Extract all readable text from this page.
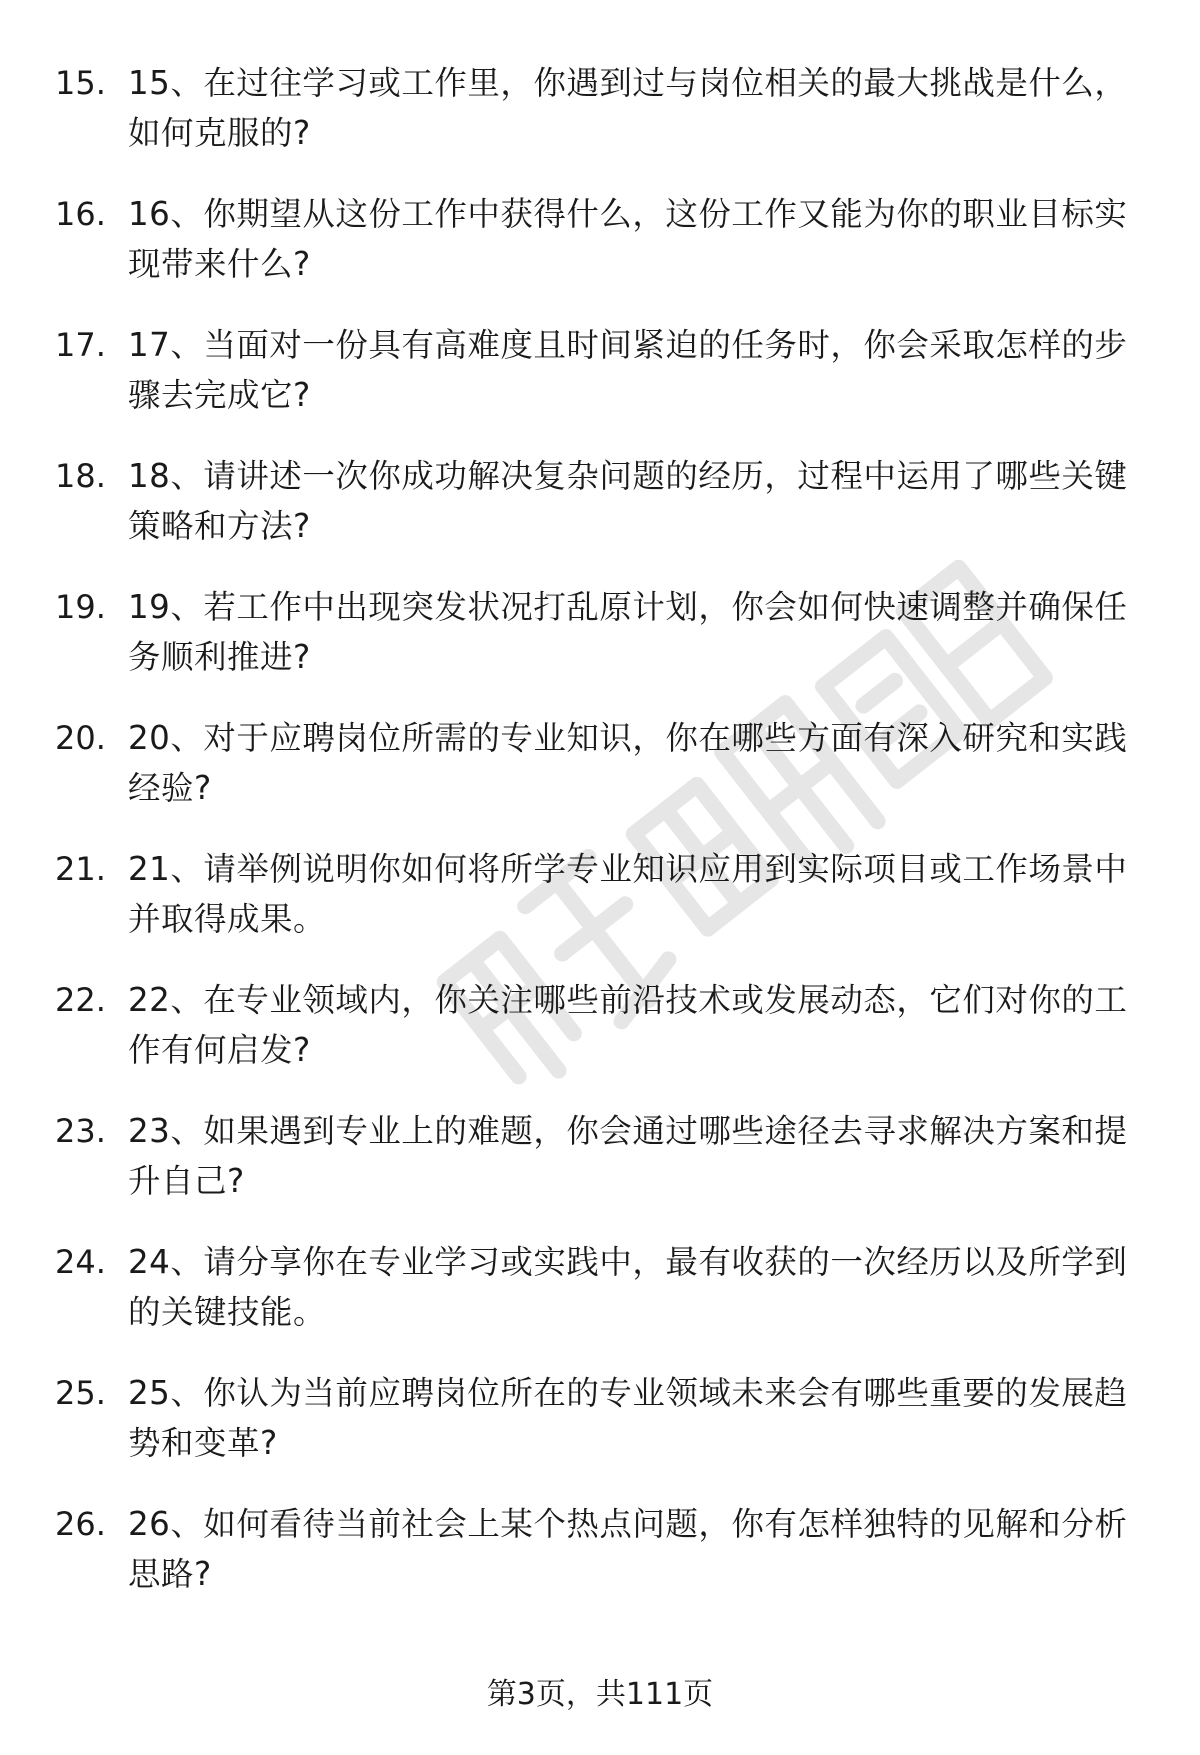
15. 15、在过往学习或工作里，你遇到过与岗位相关的最大挑战是什么，如何克服的?
16. 16、你期望从这份工作中获得什么，这份工作又能为你的职业目标实现带来什么?
17. 17、当面对一份具有高难度且时间紧迫的任务时，你会采取怎样的步骤去完成它?
18. 18、请讲述一次你成功解决复杂问题的经历，过程中运用了哪些关键策略和方法?
19. 19、若工作中出现突发状况打乱原计划，你会如何快速调整并确保任务顺利推进?
20. 20、对于应聘岗位所需的专业知识，你在哪些方面有深入研究和实践经验?
21. 21、请举例说明你如何将所学专业知识应用到实际项目或工作场景中并取得成果。
22. 22、在专业领域内，你关注哪些前沿技术或发展动态，它们对你的工作有何启发?
23. 23、如果遇到专业上的难题，你会通过哪些途径去寻求解决方案和提升自己?
24. 24、请分享你在专业学习或实践中，最有收获的一次经历以及所学到的关键技能。
25. 25、你认为当前应聘岗位所在的专业领域未来会有哪些重要的发展趋势和变革?
26. 26、如何看待当前社会上某个热点问题，你有怎样独特的见解和分析思路?
第3页，共111页
